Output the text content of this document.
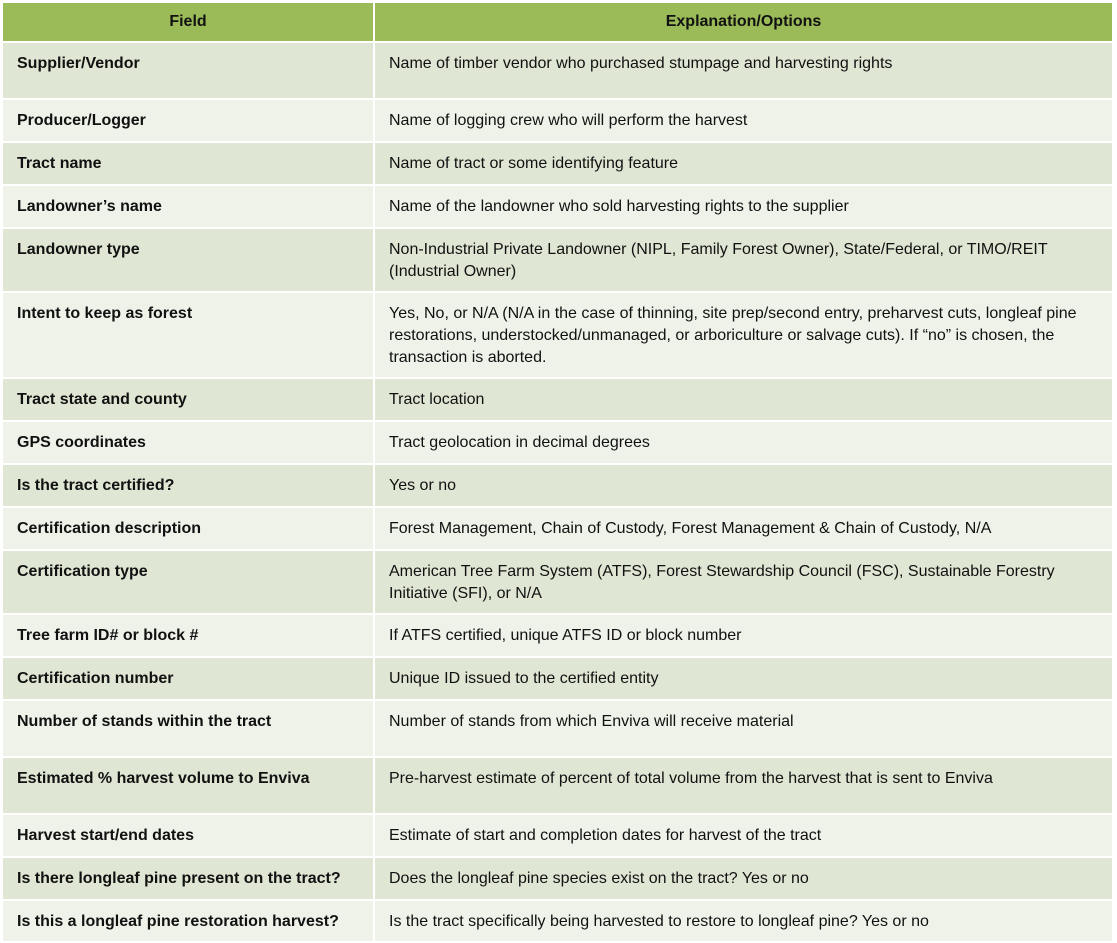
Field	Explanation/Options
Supplier/Vendor	Name of timber vendor who purchased stumpage and harvesting rights
Producer/Logger	Name of logging crew who will perform the harvest
Tract name	Name of tract or some identifying feature
Landowner’s name	Name of the landowner who sold harvesting rights to the supplier
Landowner type	Non-Industrial Private Landowner (NIPL, Family Forest Owner), State/Federal, or TIMO/REIT (Industrial Owner)
Intent to keep as forest	Yes, No, or N/A (N/A in the case of thinning, site prep/second entry, preharvest cuts, longleaf pine restorations, understocked/unmanaged, or arboriculture or salvage cuts). If “no” is chosen, the transaction is aborted.
Tract state and county	Tract location
GPS coordinates	Tract geolocation in decimal degrees
Is the tract certified?	Yes or no
Certification description	Forest Management, Chain of Custody, Forest Management & Chain of Custody, N/A
Certification type	American Tree Farm System (ATFS), Forest Stewardship Council (FSC), Sustainable Forestry Initiative (SFI), or N/A
Tree farm ID# or block #	If ATFS certified, unique ATFS ID or block number
Certification number	Unique ID issued to the certified entity
Number of stands within the tract	Number of stands from which Enviva will receive material
Estimated % harvest volume to Enviva	Pre-harvest estimate of percent of total volume from the harvest that is sent to Enviva
Harvest start/end dates	Estimate of start and completion dates for harvest of the tract
Is there longleaf pine present on the tract?	Does the longleaf pine species exist on the tract? Yes or no
Is this a longleaf pine restoration harvest?	Is the tract specifically being harvested to restore to longleaf pine? Yes or no
